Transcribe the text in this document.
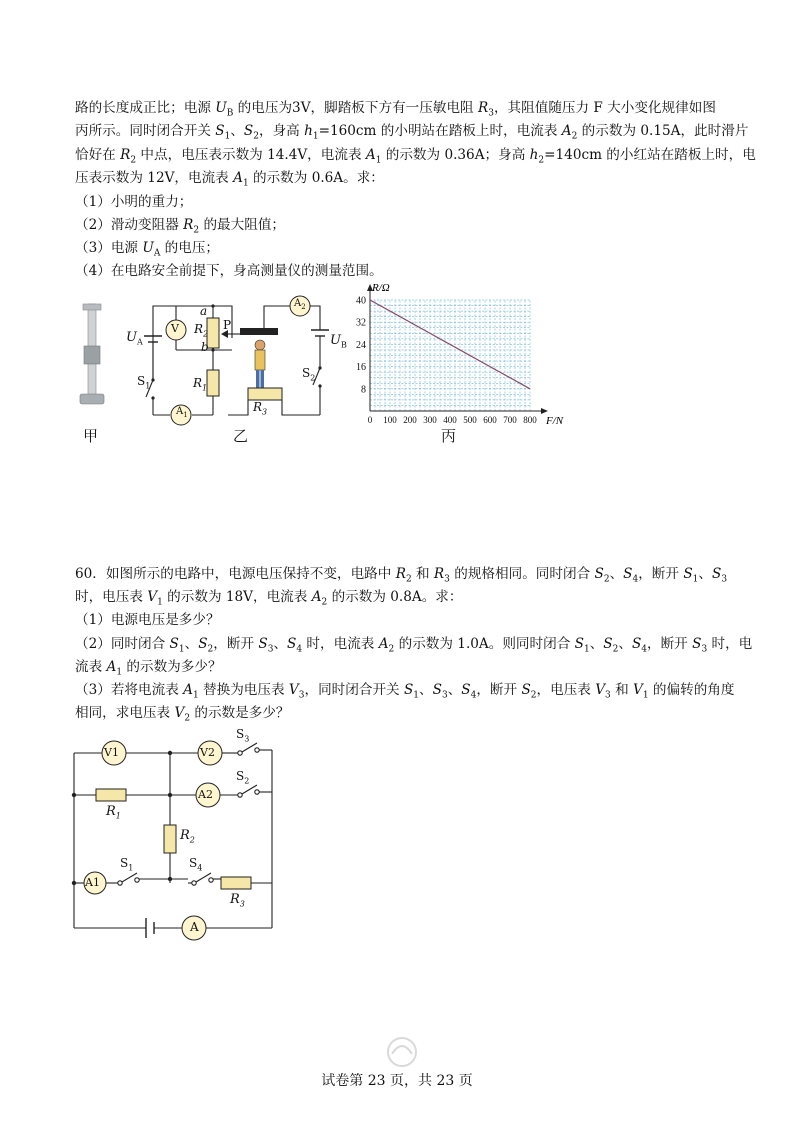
路的长度成正比；电源 $U_B$ 的电压为3V，脚踏板下方有一压敏电阻 $R_3$，其阻值随压力 F 大小变化规律如图
丙所示。同时闭合开关 $S_1$、$S_2$，身高 $h_1=160cm$ 的小明站在踏板上时，电流表 $A_2$ 的示数为 0.15A，此时滑片
恰好在 $R_2$ 中点，电压表示数为 14.4V，电流表 $A_1$ 的示数为 0.36A；身高 $h_2=140cm$ 的小红站在踏板上时，电
压表示数为 12V，电流表 $A_1$ 的示数为 0.6A。求：
（1）小明的重力；
（2）滑动变阻器 $R_2$ 的最大阻值；
（3）电源 $U_A$ 的电压；
（4）在电路安全前提下，身高测量仪的测量范围。
甲
$U_A$
V
a
$R_2$
P
b
$S_1$	$R_1$
$A_1$
$A_2$
$U_B$
$S_2$
$R_3$
乙
0 100 200 300 400 500 600 700 800
8
16
24
32
40
R/Ω
F/N
丙
60．如图所示的电路中，电源电压保持不变，电路中 $R_2$ 和 $R_3$ 的规格相同。同时闭合 $S_2$、$S_4$，断开 $S_1$、$S_3$
时，电压表 $V_1$ 的示数为 18V，电流表 $A_2$ 的示数为 0.8A。求：
（1）电源电压是多少？
（2）同时闭合 $S_1$、$S_2$，断开 $S_3$、$S_4$ 时，电流表 $A_2$ 的示数为 1.0A。则同时闭合 $S_1$、$S_2$、$S_4$，断开 $S_3$ 时，电
流表 $A_1$ 的示数为多少？
（3）若将电流表 $A_1$ 替换为电压表 $V_3$，同时闭合开关 $S_1$、$S_3$、$S_4$，断开 $S_2$，电压表 $V_3$ 和 $V_1$ 的偏转的角度
相同，求电压表 $V_2$ 的示数是多少？
V1	V2
A2
A1
A
$S_3$
$S_2$
$S_1$	$S_4$
$R_1$
$R_2$
$R_3$
试卷第 23 页，共 23 页
